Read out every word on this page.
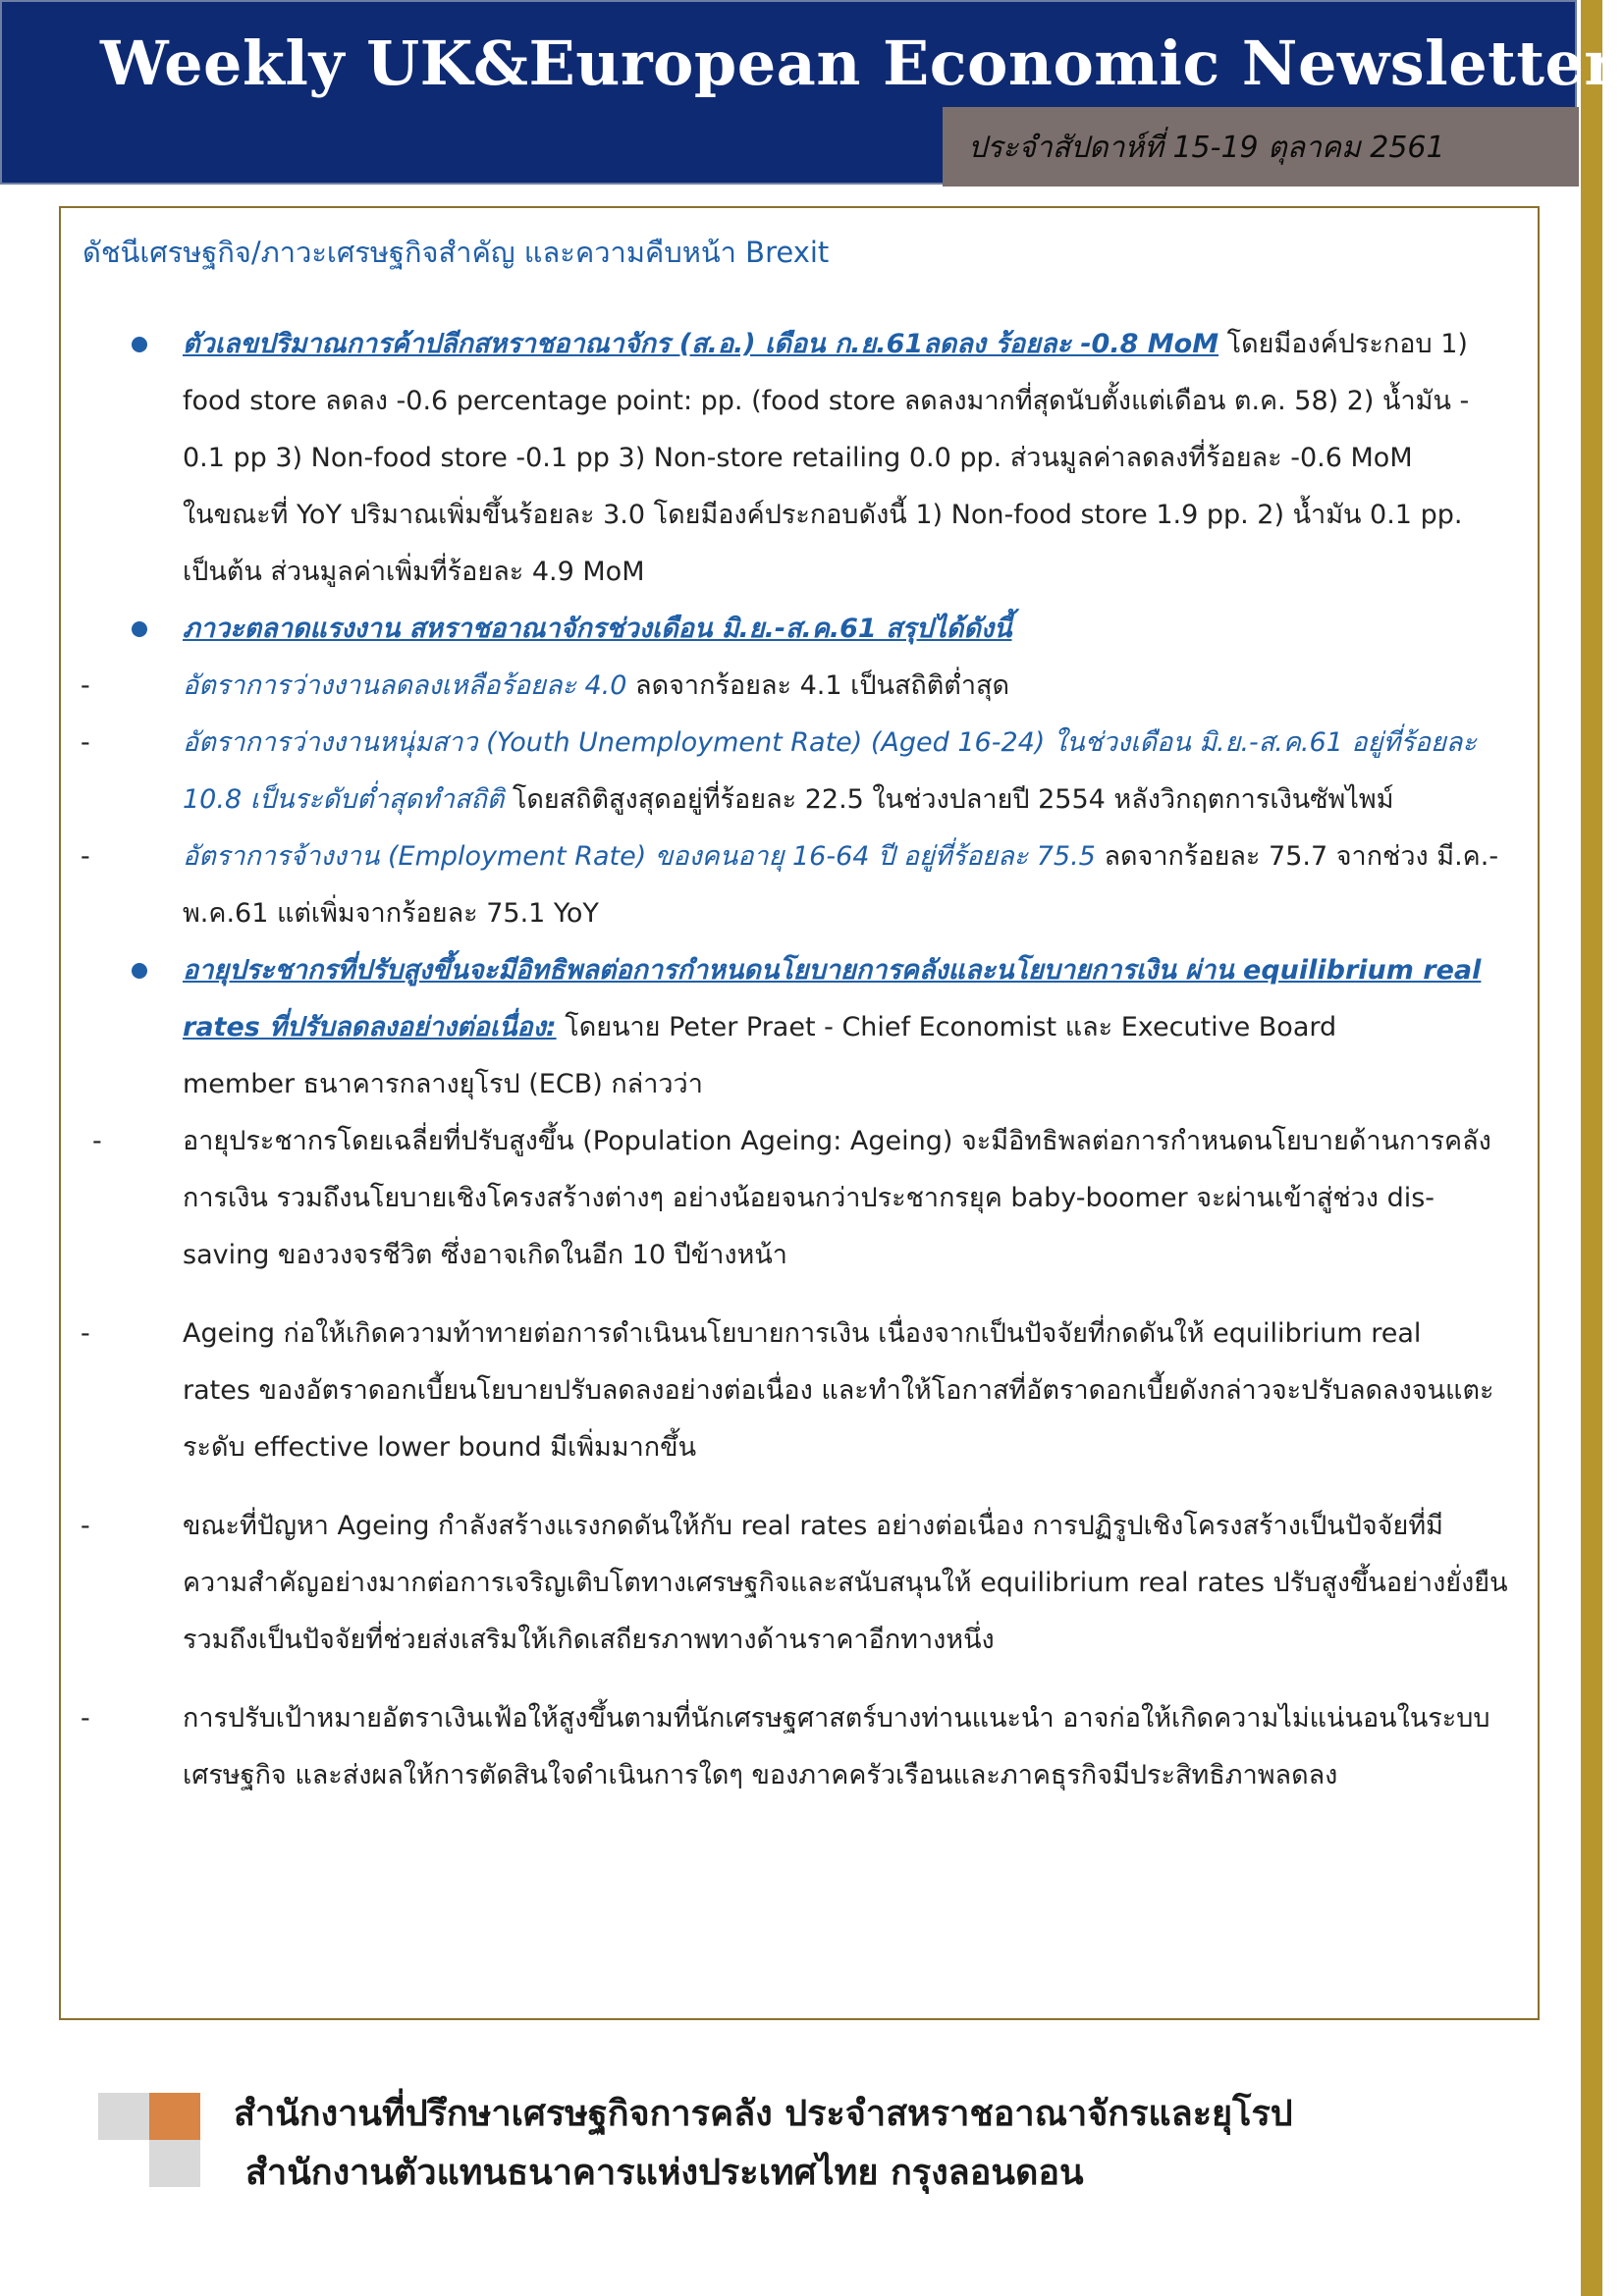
Weekly UK&European Economic Newsletter
ประจำสัปดาห์ที่ 15-19 ตุลาคม 2561
ดัชนีเศรษฐกิจ/ภาวะเศรษฐกิจสำคัญ และความคืบหน้า Brexit
ตัวเลขปริมาณการค้าปลีกสหราชอาณาจักร (ส.อ.) เดือน ก.ย.61ลดลง ร้อยละ -0.8 MoM โดยมีองค์ประกอบ 1)
food store ลดลง -0.6 percentage point: pp. (food store ลดลงมากที่สุดนับตั้งแต่เดือน ต.ค. 58) 2) น้ำมัน -
0.1 pp 3) Non-food store -0.1 pp 3) Non-store retailing 0.0 pp. ส่วนมูลค่าลดลงที่ร้อยละ -0.6 MoM
ในขณะที่ YoY ปริมาณเพิ่มขึ้นร้อยละ 3.0 โดยมีองค์ประกอบดังนี้ 1) Non-food store 1.9 pp. 2) น้ำมัน 0.1 pp.
เป็นต้น ส่วนมูลค่าเพิ่มที่ร้อยละ 4.9 MoM
ภาวะตลาดแรงงาน สหราชอาณาจักรช่วงเดือน มิ.ย.-ส.ค.61 สรุปได้ดังนี้
-	อัตราการว่างงานลดลงเหลือร้อยละ 4.0 ลดจากร้อยละ 4.1 เป็นสถิติต่ำสุด
-	อัตราการว่างงานหนุ่มสาว (Youth Unemployment Rate) (Aged 16-24) ในช่วงเดือน มิ.ย.-ส.ค.61 อยู่ที่ร้อยละ
10.8 เป็นระดับต่ำสุดทำสถิติ โดยสถิติสูงสุดอยู่ที่ร้อยละ 22.5 ในช่วงปลายปี 2554 หลังวิกฤตการเงินซัพไพม์
-	อัตราการจ้างงาน (Employment Rate) ของคนอายุ 16-64 ปี อยู่ที่ร้อยละ 75.5 ลดจากร้อยละ 75.7 จากช่วง มี.ค.-
พ.ค.61 แต่เพิ่มจากร้อยละ 75.1 YoY
อายุประชากรที่ปรับสูงขึ้นจะมีอิทธิพลต่อการกำหนดนโยบายการคลังและนโยบายการเงิน ผ่าน equilibrium real
rates ที่ปรับลดลงอย่างต่อเนื่อง: โดยนาย Peter Praet - Chief Economist และ Executive Board
member ธนาคารกลางยุโรป (ECB) กล่าวว่า
-	อายุประชากรโดยเฉลี่ยที่ปรับสูงขึ้น (Population Ageing: Ageing) จะมีอิทธิพลต่อการกำหนดนโยบายด้านการคลัง
การเงิน รวมถึงนโยบายเชิงโครงสร้างต่างๆ อย่างน้อยจนกว่าประชากรยุค baby-boomer จะผ่านเข้าสู่ช่วง dis-
saving ของวงจรชีวิต ซึ่งอาจเกิดในอีก 10 ปีข้างหน้า
-	Ageing ก่อให้เกิดความท้าทายต่อการดำเนินนโยบายการเงิน เนื่องจากเป็นปัจจัยที่กดดันให้ equilibrium real
rates ของอัตราดอกเบี้ยนโยบายปรับลดลงอย่างต่อเนื่อง และทำให้โอกาสที่อัตราดอกเบี้ยดังกล่าวจะปรับลดลงจนแตะ
ระดับ effective lower bound มีเพิ่มมากขึ้น
-	ขณะที่ปัญหา Ageing กำลังสร้างแรงกดดันให้กับ real rates อย่างต่อเนื่อง การปฏิรูปเชิงโครงสร้างเป็นปัจจัยที่มี
ความสำคัญอย่างมากต่อการเจริญเติบโตทางเศรษฐกิจและสนับสนุนให้ equilibrium real rates ปรับสูงขึ้นอย่างยั่งยืน
รวมถึงเป็นปัจจัยที่ช่วยส่งเสริมให้เกิดเสถียรภาพทางด้านราคาอีกทางหนึ่ง
-	การปรับเป้าหมายอัตราเงินเฟ้อให้สูงขึ้นตามที่นักเศรษฐศาสตร์บางท่านแนะนำ อาจก่อให้เกิดความไม่แน่นอนในระบบ
เศรษฐกิจ และส่งผลให้การตัดสินใจดำเนินการใดๆ ของภาคครัวเรือนและภาคธุรกิจมีประสิทธิภาพลดลง
สำนักงานที่ปรึกษาเศรษฐกิจการคลัง ประจำสหราชอาณาจักรและยุโรป
สำนักงานตัวแทนธนาคารแห่งประเทศไทย กรุงลอนดอน
